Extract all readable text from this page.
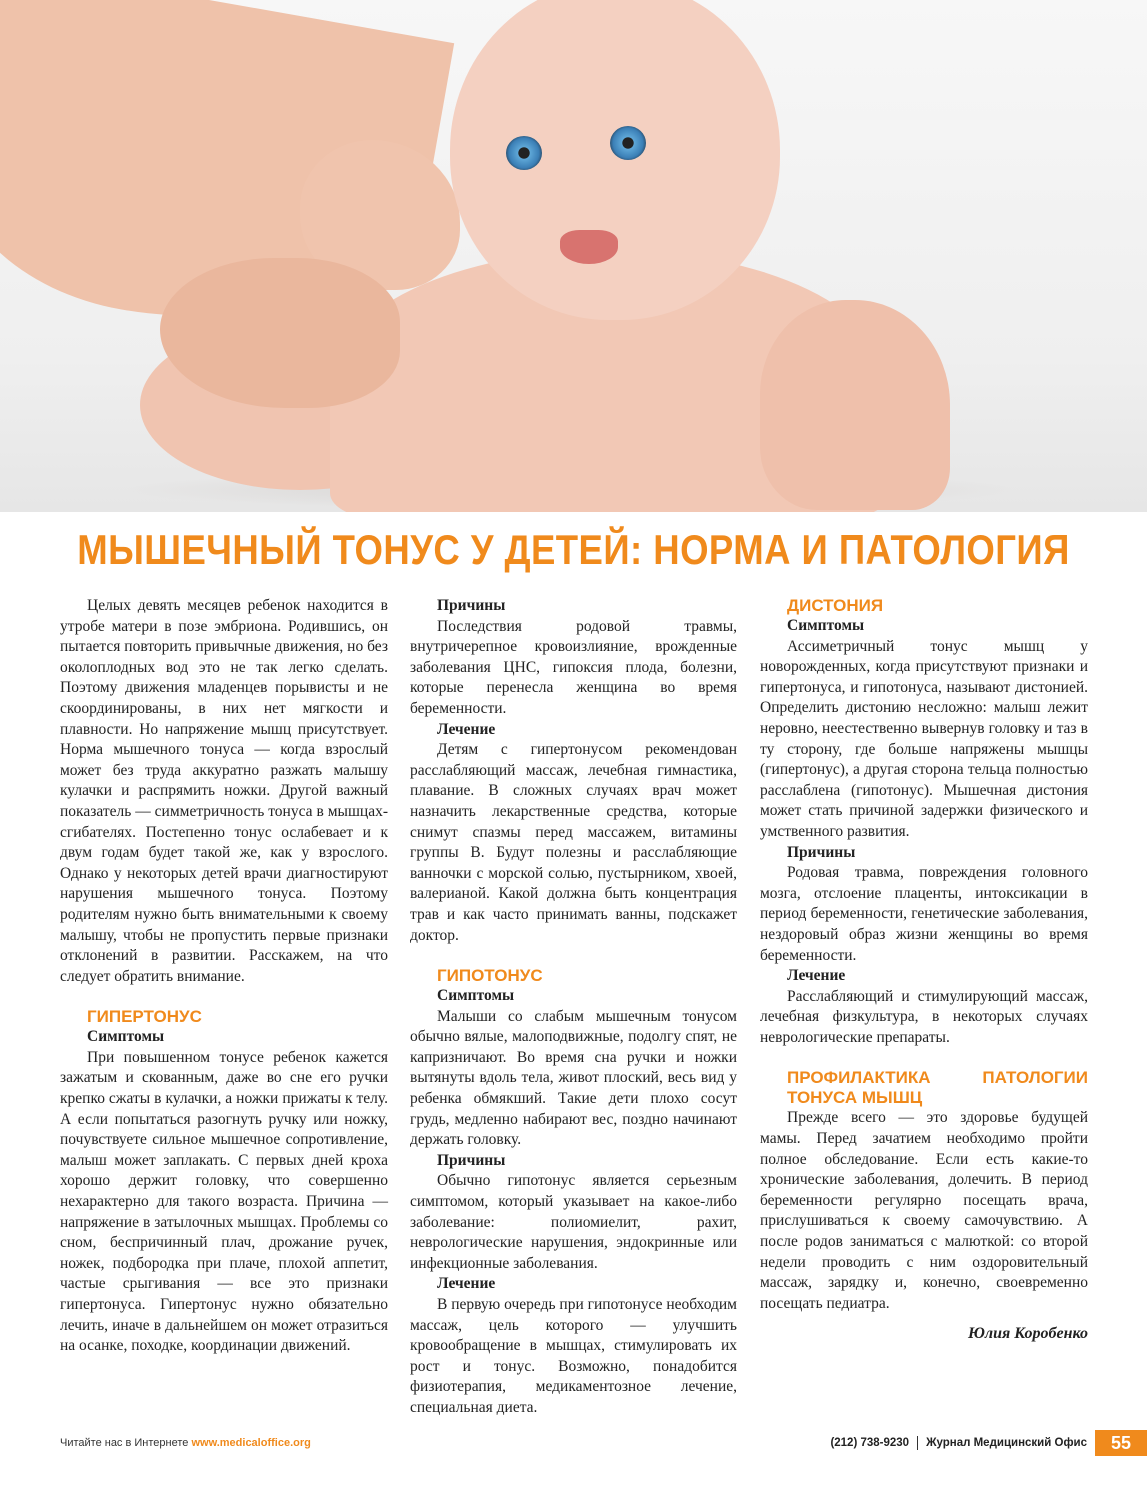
МЫШЕЧНЫЙ ТОНУС У ДЕТЕЙ: НОРМА И ПАТОЛОГИЯ

Целых девять месяцев ребенок находится в утробе матери в позе эмбриона. Родившись, он пытается повторить привычные движения, но без околоплодных вод это не так легко сделать. Поэтому движения младенцев порывисты и не скоординированы, в них нет мягкости и плавности. Но напряжение мышц присутствует. Норма мышечного тонуса — когда взрослый может без труда аккуратно разжать малышу кулачки и распрямить ножки. Другой важный показатель — симметричность тонуса в мышцах-сгибателях. Постепенно тонус ослабевает и к двум годам будет такой же, как у взрослого. Однако у некоторых детей врачи диагностируют нарушения мышечного тонуса. Поэтому родителям нужно быть внимательными к своему малышу, чтобы не пропустить первые признаки отклонений в развитии. Расскажем, на что следует обратить внимание.

ГИПЕРТОНУС
Симптомы

При повышенном тонусе ребенок кажется зажатым и скованным, даже во сне его ручки крепко сжаты в кулачки, а ножки прижаты к телу. А если попытаться разогнуть ручку или ножку, почувствуете сильное мышечное сопротивление, малыш может заплакать. С первых дней кроха хорошо держит головку, что совершенно нехарактерно для такого возраста. Причина — напряжение в затылочных мышцах. Проблемы со сном, беспричинный плач, дрожание ручек, ножек, подбородка при плаче, плохой аппетит, частые срыгивания — все это признаки гипертонуса. Гипертонус нужно обязательно лечить, иначе в дальнейшем он может отразиться на осанке, походке, координации движений.

Причины

Последствия родовой травмы, внутричерепное кровоизлияние, врожденные заболевания ЦНС, гипоксия плода, болезни, которые перенесла женщина во время беременности.

Лечение

Детям с гипертонусом рекомендован расслабляющий массаж, лечебная гимнастика, плавание. В сложных случаях врач может назначить лекарственные средства, которые снимут спазмы перед массажем, витамины группы В. Будут полезны и расслабляющие ванночки с морской солью, пустырником, хвоей, валерианой. Какой должна быть концентрация трав и как часто принимать ванны, подскажет доктор.

ГИПОТОНУС
Симптомы

Малыши со слабым мышечным тонусом обычно вялые, малоподвижные, подолгу спят, не капризничают. Во время сна ручки и ножки вытянуты вдоль тела, живот плоский, весь вид у ребенка обмякший. Такие дети плохо сосут грудь, медленно набирают вес, поздно начинают держать головку.

Причины

Обычно гипотонус является серьезным симптомом, который указывает на какое-либо заболевание: полиомиелит, рахит, неврологические нарушения, эндокринные или инфекционные заболевания.

Лечение

В первую очередь при гипотонусе необходим массаж, цель которого — улучшить кровообращение в мышцах, стимулировать их рост и тонус. Возможно, понадобится физиотерапия, медикаментозное лечение, специальная диета.

ДИСТОНИЯ
Симптомы

Ассиметричный тонус мышц у новорожденных, когда присутствуют признаки и гипертонуса, и гипотонуса, называют дистонией. Определить дистонию несложно: малыш лежит неровно, неестественно вывернув головку и таз в ту сторону, где больше напряжены мышцы (гипертонус), а другая сторона тельца полностью расслаблена (гипотонус). Мышечная дистония может стать причиной задержки физического и умственного развития.

Причины

Родовая травма, повреждения головного мозга, отслоение плаценты, интоксикации в период беременности, генетические заболевания, нездоровый образ жизни женщины во время беременности.

Лечение

Расслабляющий и стимулирующий массаж, лечебная физкультура, в некоторых случаях неврологические препараты.

ПРОФИЛАКТИКА ПАТОЛОГИИ ТОНУСА МЫШЦ

Прежде всего — это здоровье будущей мамы. Перед зачатием необходимо пройти полное обследование. Если есть какие-то хронические заболевания, долечить. В период беременности регулярно посещать врача, прислушиваться к своему самочувствию. А после родов заниматься с малюткой: со второй недели проводить с ним оздоровительный массаж, зарядку и, конечно, своевременно посещать педиатра.

Юлия Коробенко
Читайте нас в Интернете www.medicaloffice.org	(212) 738-9230 Журнал Медицинский Офис	55
